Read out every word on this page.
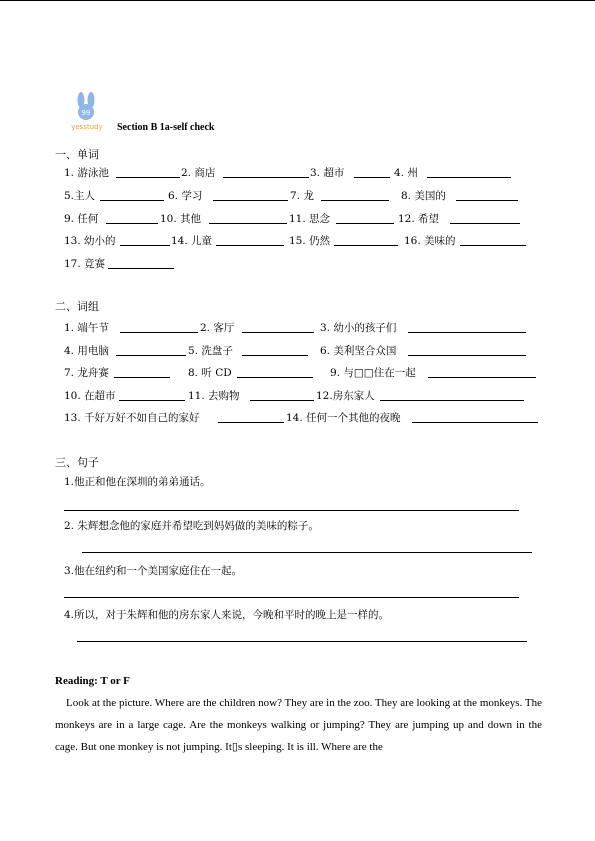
99
yesstudy Section B 1a-self check
一、单词
1. 游泳池	2. 商店	3. 超市	4. 州
5.主人	6. 学习	7. 龙	8. 美国的
9. 任何	10. 其他	11. 思念	12. 希望
13. 幼小的	14. 儿童	15. 仍然	16. 美味的
17. 竞赛
二、词组
1. 端午节	2. 客厅	3. 幼小的孩子们
4. 用电脑	5. 洗盘子	6. 美利坚合众国
7. 龙舟赛	8. 听 CD	9. 与□□住在一起
10. 在超市	11. 去购物	12.房东家人
13. 千好万好不如自己的家好	14. 任何一个其他的夜晚
三、句子
1.他正和他在深圳的弟弟通话。
2. 朱辉想念他的家庭并希望吃到妈妈做的美味的粽子。
3.他在纽约和一个美国家庭住在一起。
4.所以，对于朱辉和他的房东家人来说，今晚和平时的晚上是一样的。
Reading: T or F
Look at the picture. Where are the children now? They are in the zoo. They are looking at the monkeys. The monkeys are in a large cage. Are the monkeys walking or jumping? They are jumping up and down in the cage. But one monkey is not jumping. It▯s sleeping. It is ill. Where are the
